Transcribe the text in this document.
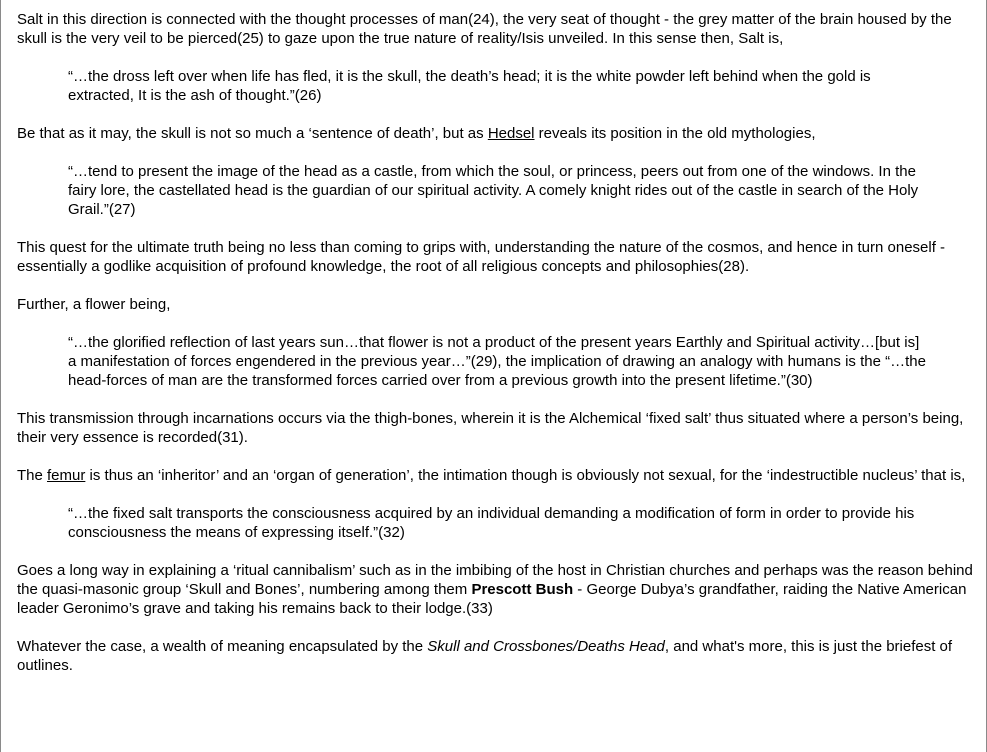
Salt in this direction is connected with the thought processes of man(24), the very seat of thought - the grey matter of the brain housed by the skull is the very veil to be pierced(25) to gaze upon the true nature of reality/Isis unveiled. In this sense then, Salt is,

“…the dross left over when life has fled, it is the skull, the death’s head; it is the white powder left behind when the gold is extracted, It is the ash of thought.”(26)

Be that as it may, the skull is not so much a ‘sentence of death’, but as Hedsel reveals its position in the old mythologies,

“…tend to present the image of the head as a castle, from which the soul, or princess, peers out from one of the windows. In the fairy lore, the castellated head is the guardian of our spiritual activity. A comely knight rides out of the castle in search of the Holy Grail.”(27)

This quest for the ultimate truth being no less than coming to grips with, understanding the nature of the cosmos, and hence in turn oneself - essentially a godlike acquisition of profound knowledge, the root of all religious concepts and philosophies(28).

Further, a flower being,

“…the glorified reflection of last years sun…that flower is not a product of the present years Earthly and Spiritual activity…[but is] a manifestation of forces engendered in the previous year…”(29), the implication of drawing an analogy with humans is the “…the head-forces of man are the transformed forces carried over from a previous growth into the present lifetime.”(30)

This transmission through incarnations occurs via the thigh-bones, wherein it is the Alchemical ‘fixed salt’ thus situated where a person’s being, their very essence is recorded(31).

The femur is thus an ‘inheritor’ and an ‘organ of generation’, the intimation though is obviously not sexual, for the ‘indestructible nucleus’ that is,

“…the fixed salt transports the consciousness acquired by an individual demanding a modification of form in order to provide his consciousness the means of expressing itself.”(32)

Goes a long way in explaining a ‘ritual cannibalism’ such as in the imbibing of the host in Christian churches and perhaps was the reason behind the quasi-masonic group ‘Skull and Bones’, numbering among them Prescott Bush - George Dubya’s grandfather, raiding the Native American leader Geronimo’s grave and taking his remains back to their lodge.(33)

Whatever the case, a wealth of meaning encapsulated by the Skull and Crossbones/Deaths Head, and what's more, this is just the briefest of outlines.
